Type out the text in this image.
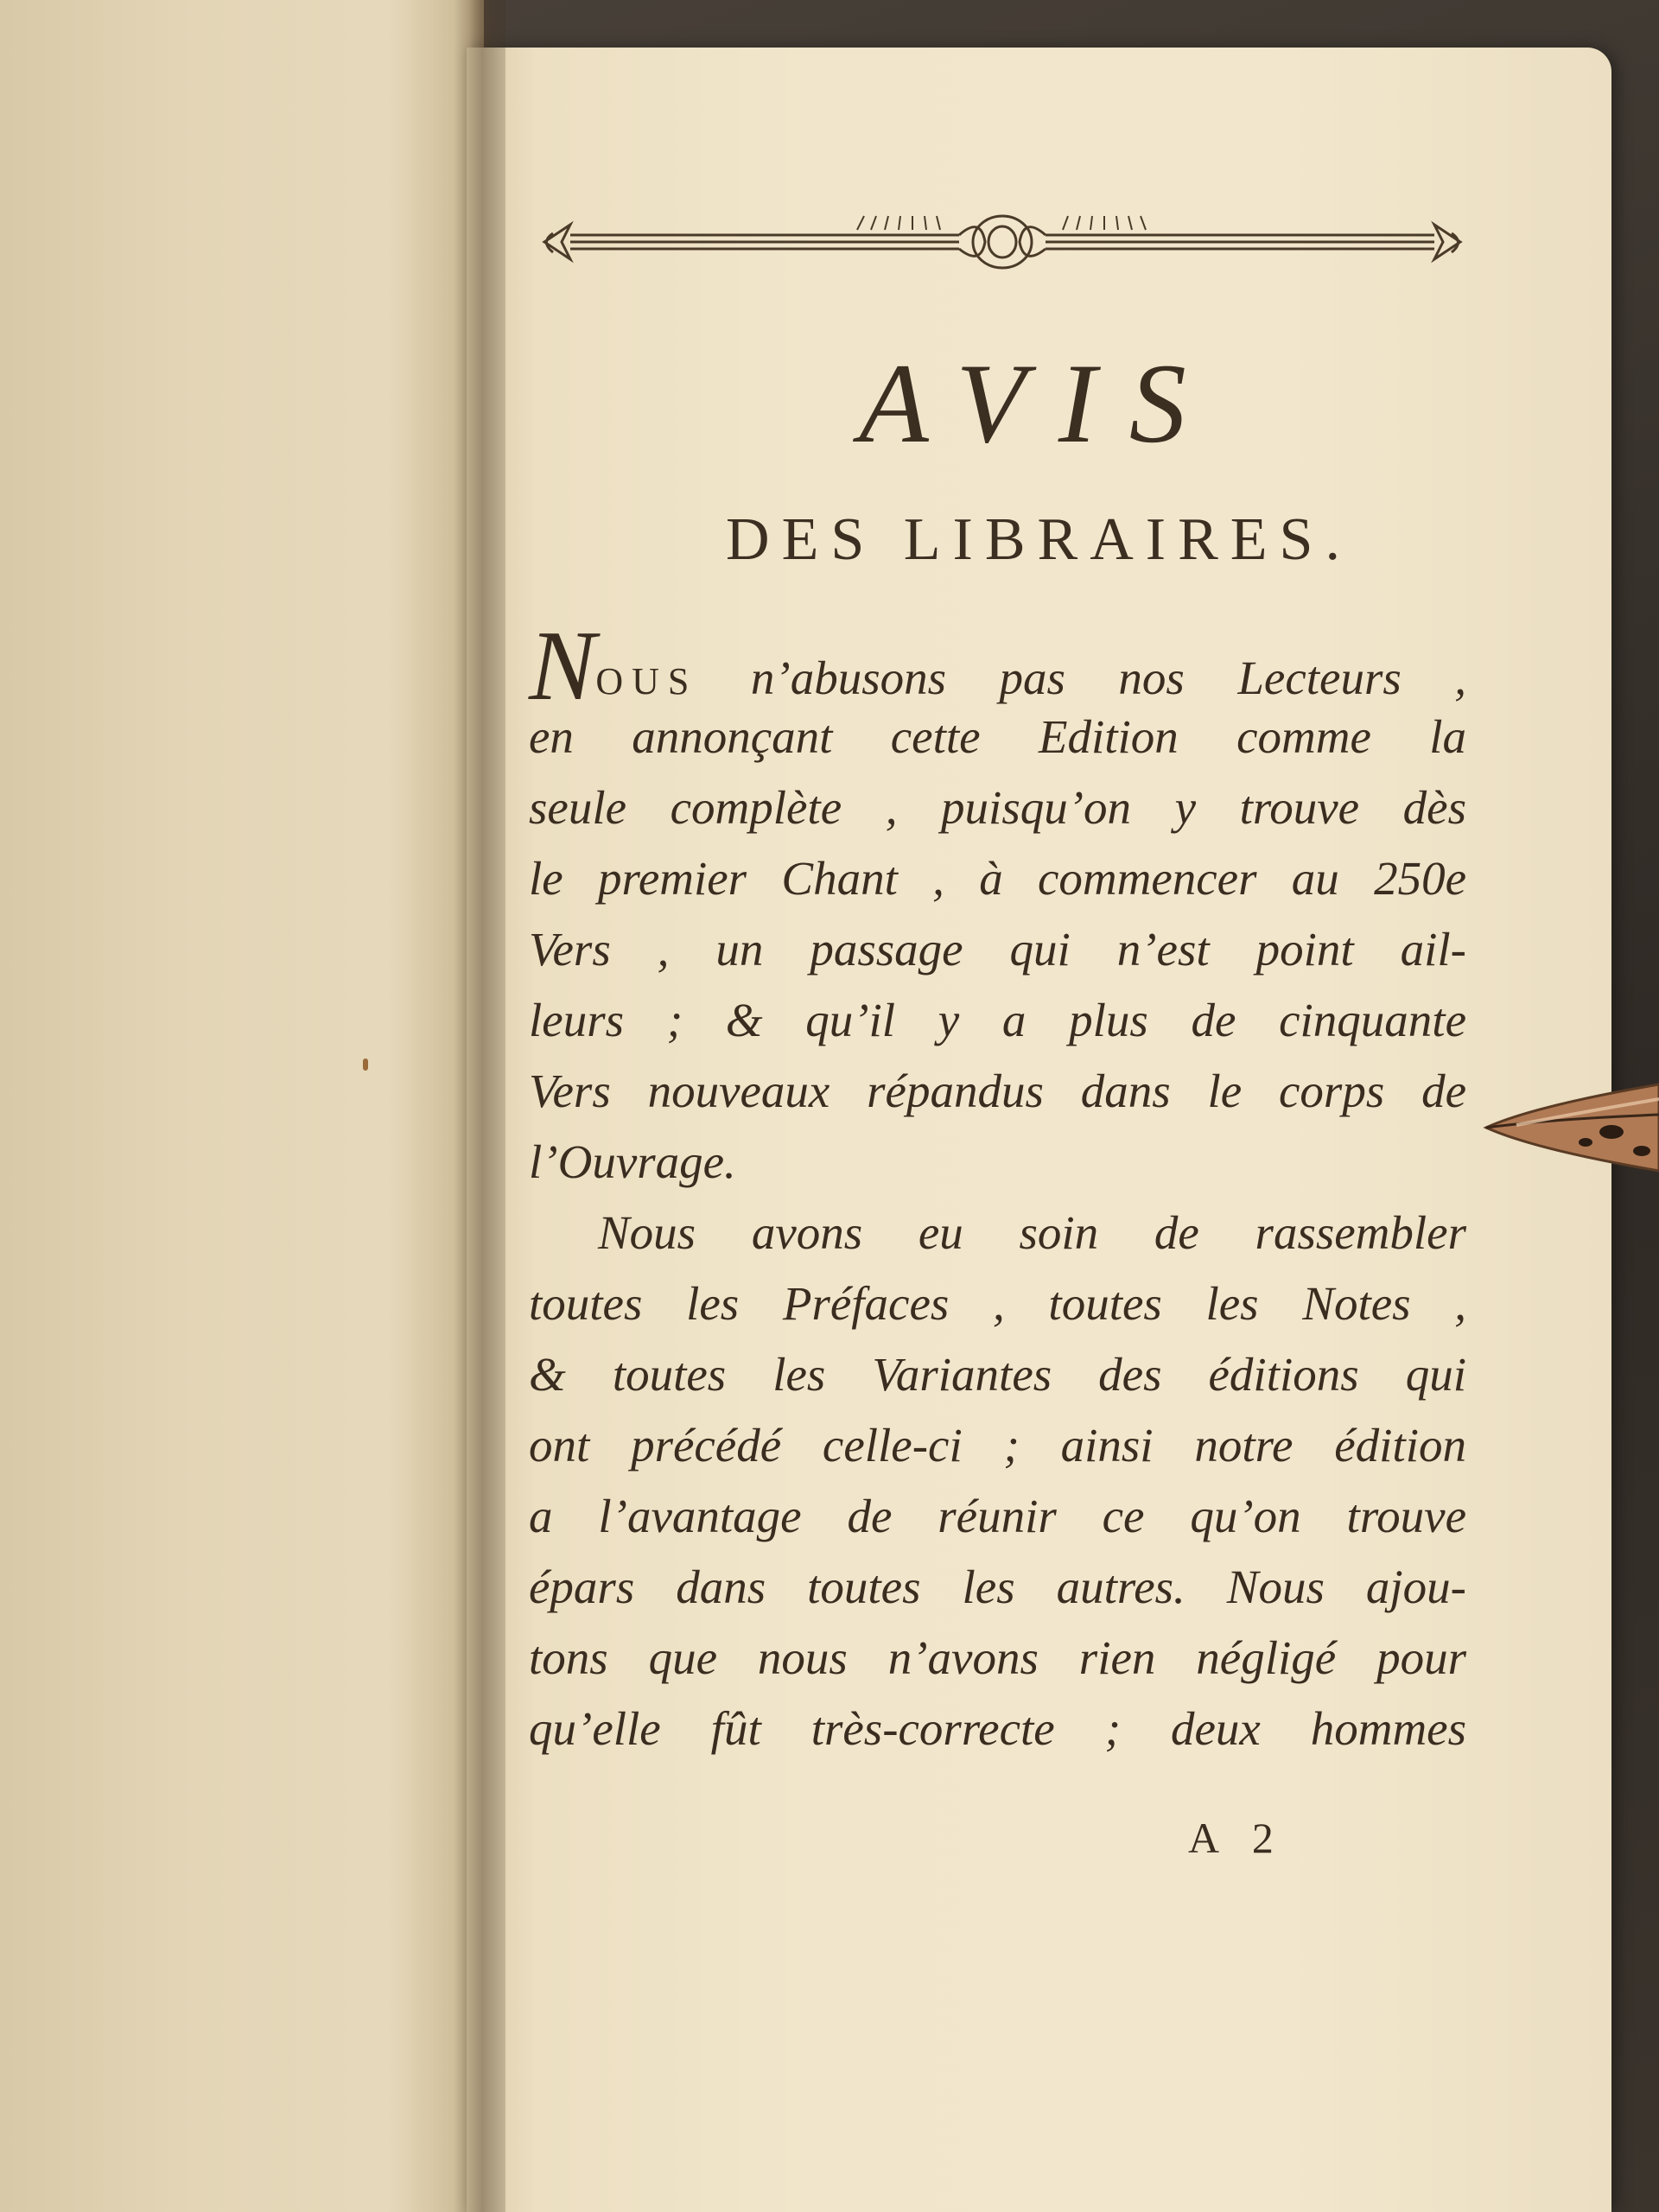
AVIS
DES LIBRAIRES.
NOUS n’abusons pas nos Lecteurs ,
en annonçant cette Edition comme la
seule complète , puisqu’on y trouve dès
le premier Chant , à commencer au 250e
Vers , un passage qui n’est point ail-
leurs ; & qu’il y a plus de cinquante
Vers nouveaux répandus dans le corps de
l’Ouvrage.
Nous avons eu soin de rassembler
toutes les Préfaces , toutes les Notes ,
& toutes les Variantes des éditions qui
ont précédé celle-ci ; ainsi notre édition
a l’avantage de réunir ce qu’on trouve
épars dans toutes les autres. Nous ajou-
tons que nous n’avons rien négligé pour
qu’elle fût très-correcte ; deux hommes
A 2
